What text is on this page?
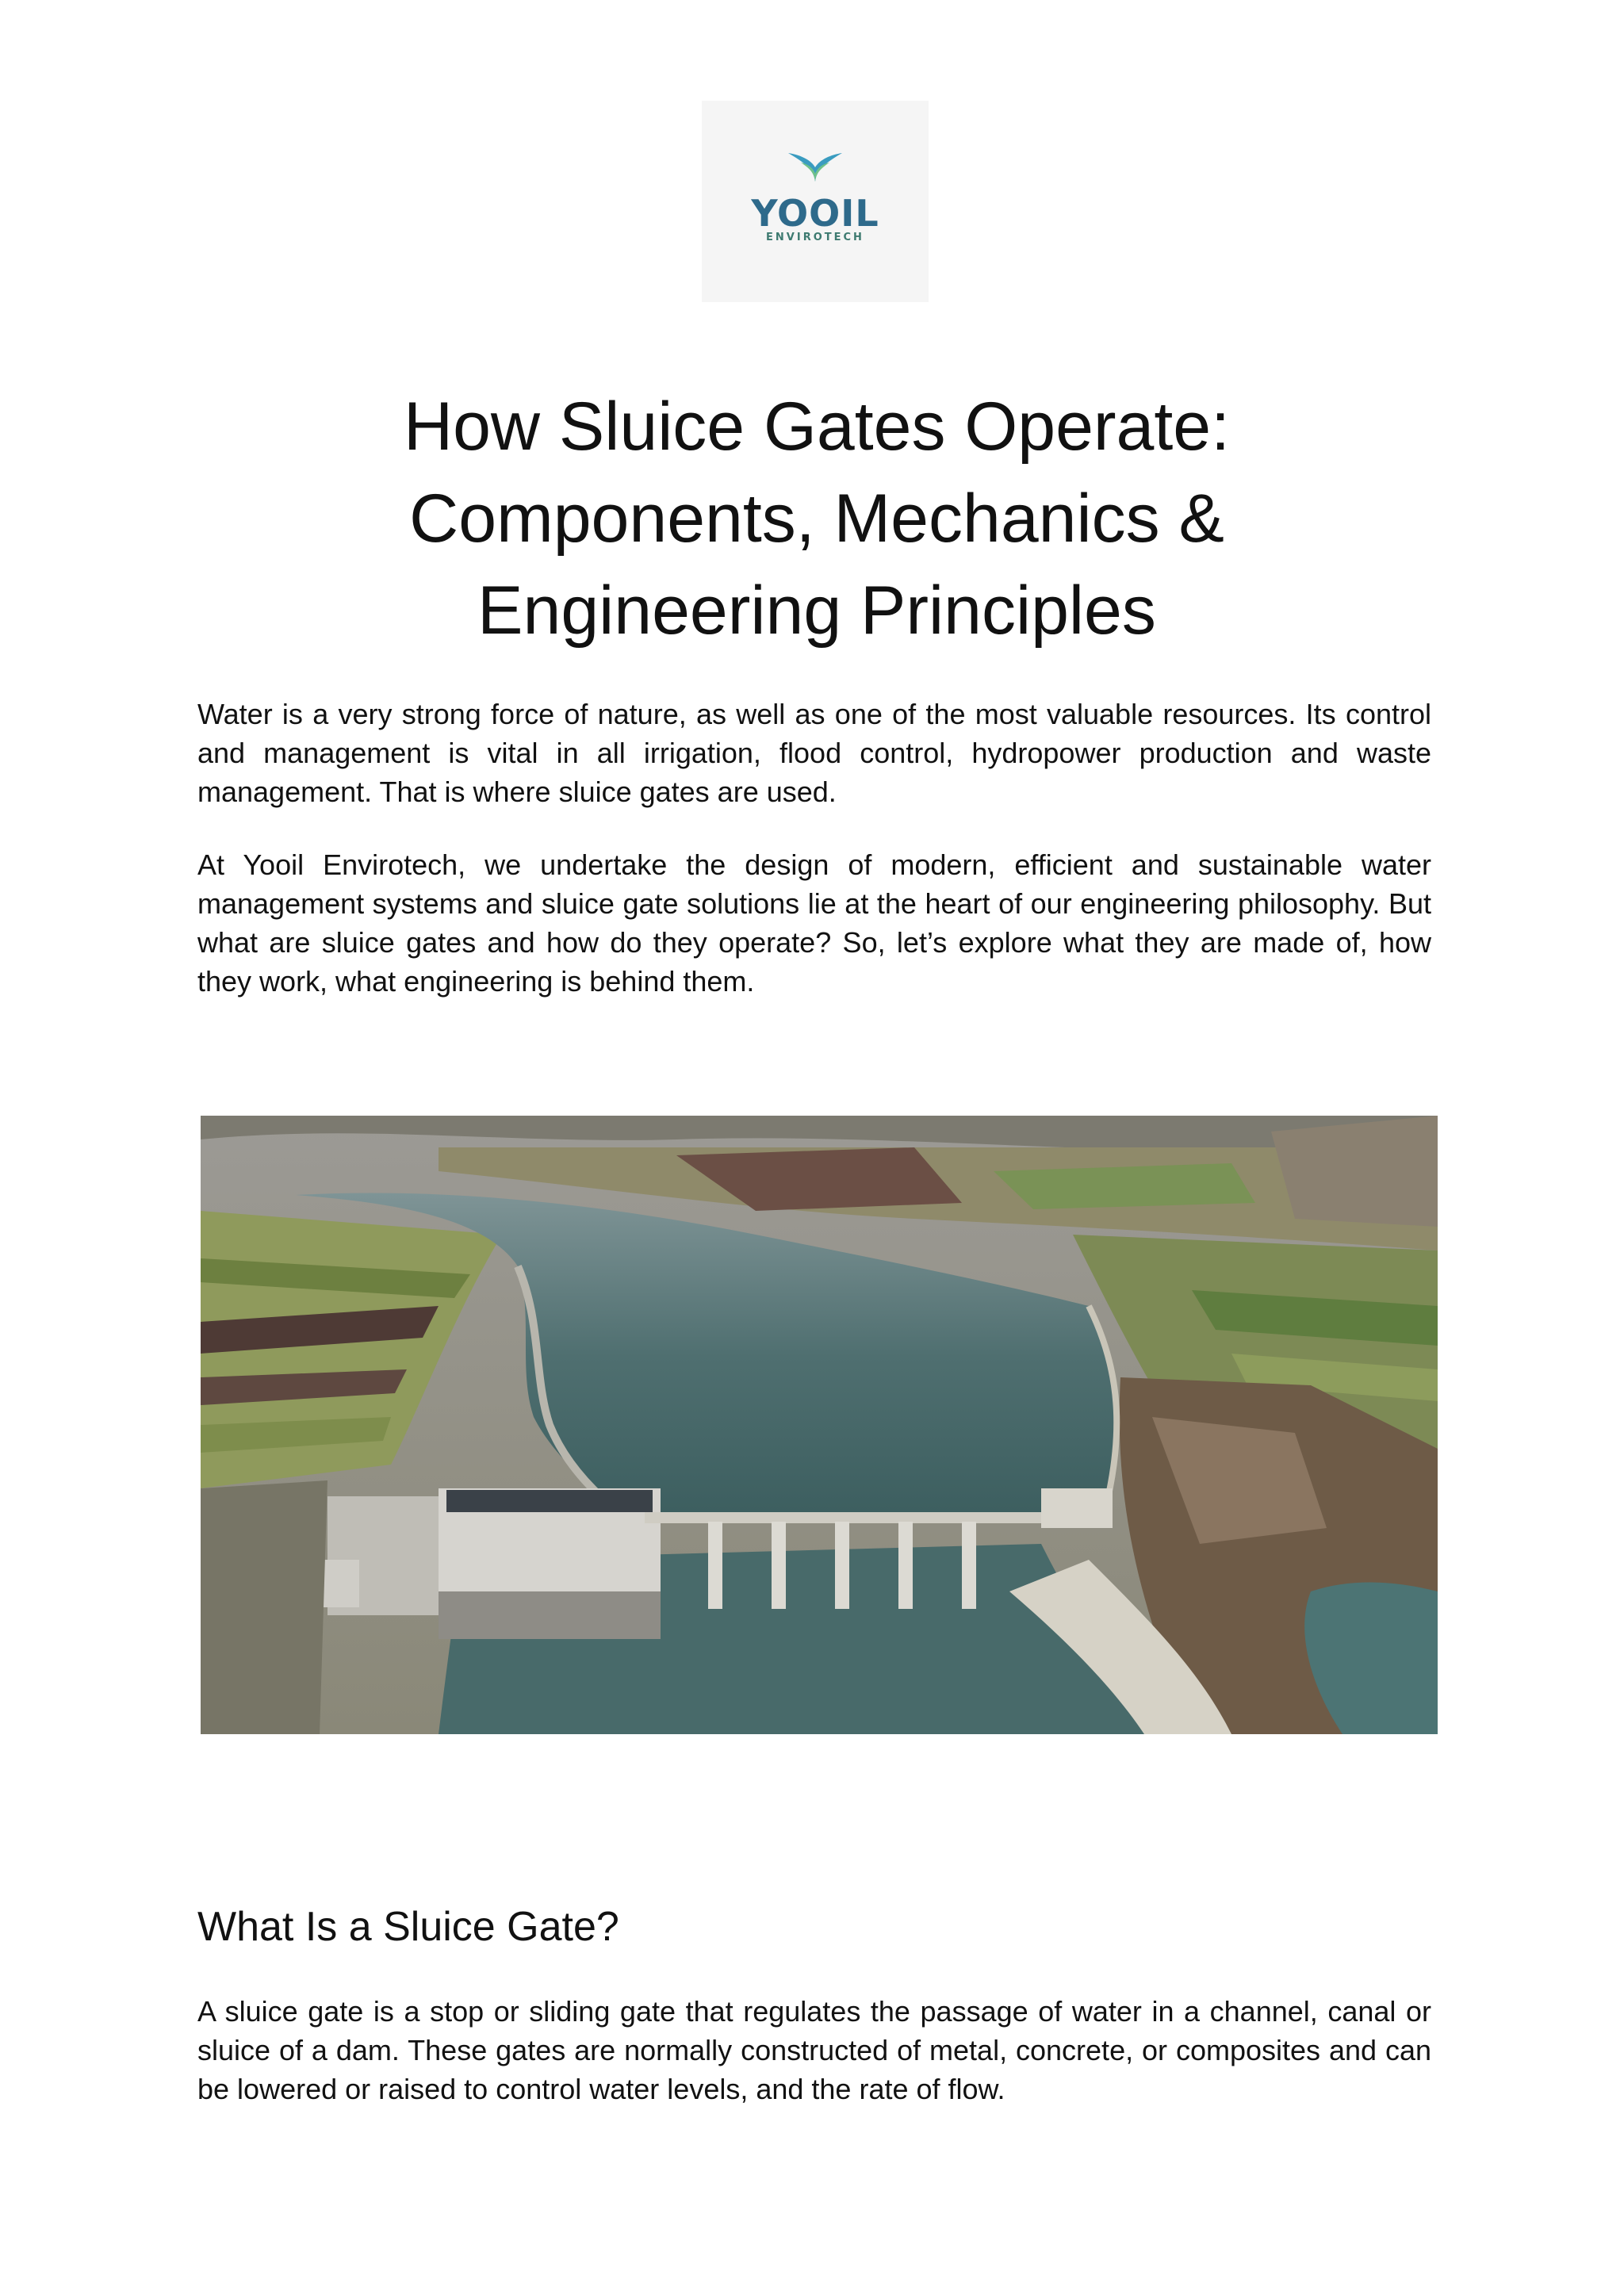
YOOIL
ENVIROTECH
How Sluice Gates Operate:
Components, Mechanics &
Engineering Principles

Water is a very strong force of nature, as well as one of the most valuable resources. Its control and management is vital in all irrigation, flood control, hydropower production and waste management. That is where sluice gates are used.

At Yooil Envirotech, we undertake the design of modern, efficient and sustainable water management systems and sluice gate solutions lie at the heart of our engineering philosophy. But what are sluice gates and how do they operate? So, let’s explore what they are made of, how they work, what engineering is behind them.

What Is a Sluice Gate?

A sluice gate is a stop or sliding gate that regulates the passage of water in a channel, canal or sluice of a dam. These gates are normally constructed of metal, concrete, or composites and can be lowered or raised to control water levels, and the rate of flow.
